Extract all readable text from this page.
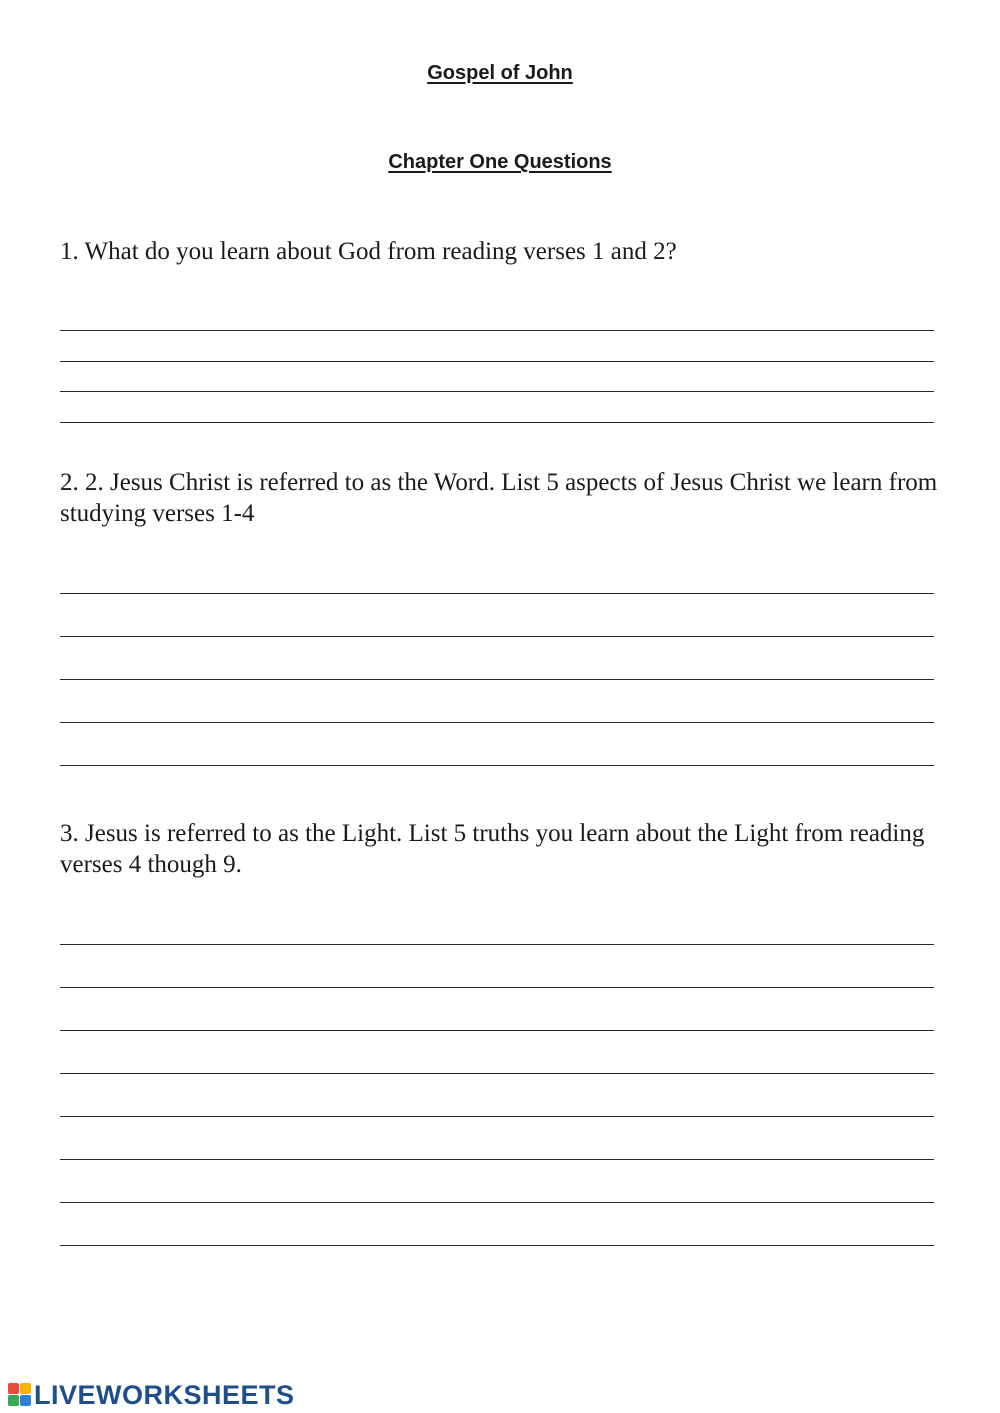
Gospel of John
Chapter One Questions
1. What do you learn about God from reading verses 1 and 2?
2. 2. Jesus Christ is referred to as the Word. List 5 aspects of Jesus Christ we learn from studying verses 1-4
3. Jesus is referred to as the Light. List 5 truths you learn about the Light from reading verses 4 though 9.
LIVEWORKSHEETS
